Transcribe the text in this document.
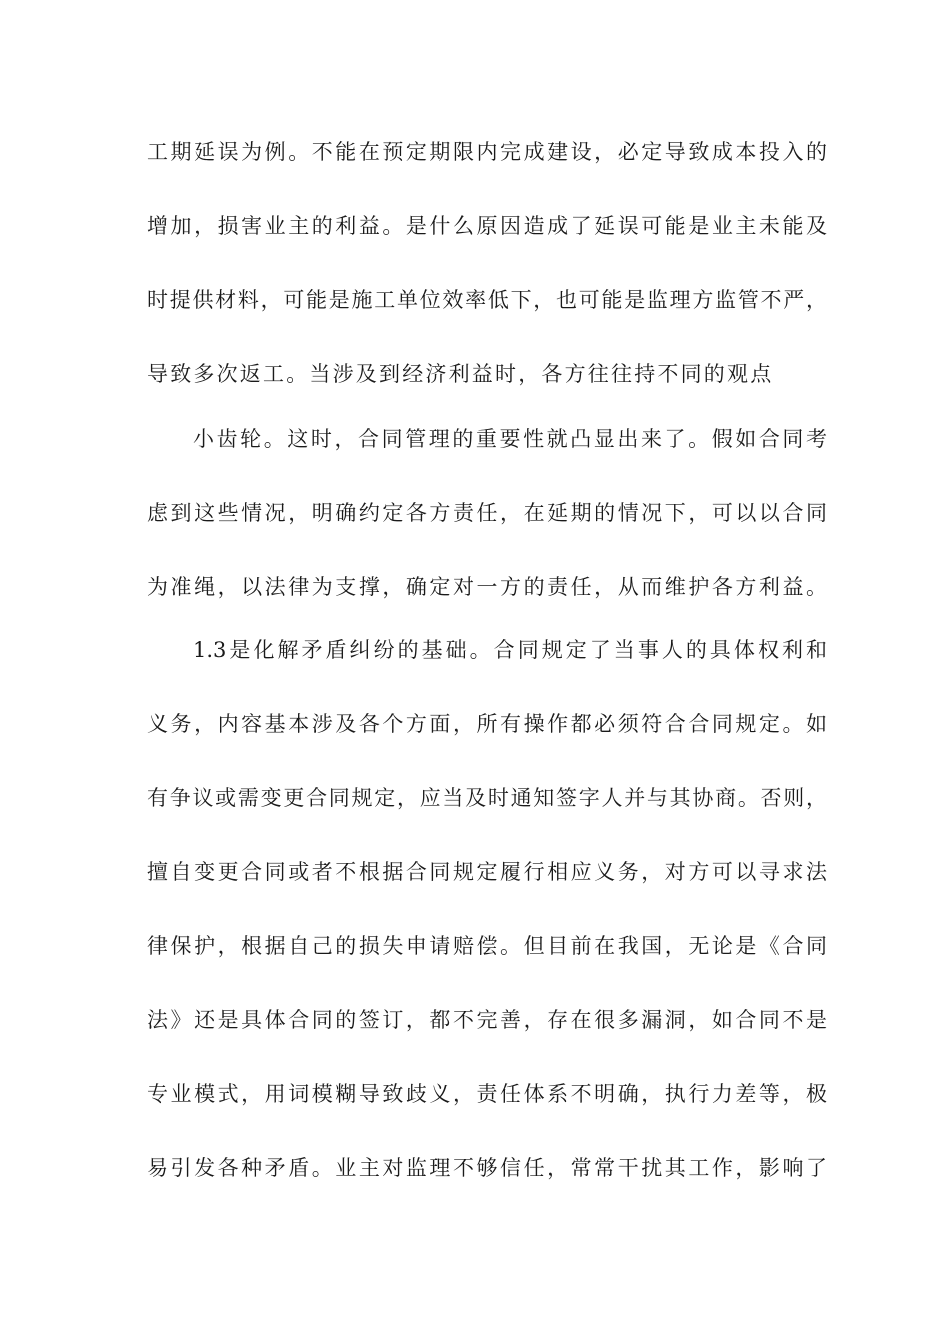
工期延误为例。不能在预定期限内完成建设，必定导致成本投入的
增加，损害业主的利益。是什么原因造成了延误可能是业主未能及
时提供材料，可能是施工单位效率低下，也可能是监理方监管不严，
导致多次返工。当涉及到经济利益时，各方往往持不同的观点
小齿轮。这时，合同管理的重要性就凸显出来了。假如合同考
虑到这些情况，明确约定各方责任，在延期的情况下，可以以合同
为准绳，以法律为支撑，确定对一方的责任，从而维护各方利益。
1.3是化解矛盾纠纷的基础。合同规定了当事人的具体权利和
义务，内容基本涉及各个方面，所有操作都必须符合合同规定。如
有争议或需变更合同规定，应当及时通知签字人并与其协商。否则，
擅自变更合同或者不根据合同规定履行相应义务，对方可以寻求法
律保护，根据自己的损失申请赔偿。但目前在我国，无论是《合同
法》还是具体合同的签订，都不完善，存在很多漏洞，如合同不是
专业模式，用词模糊导致歧义，责任体系不明确，执行力差等，极
易引发各种矛盾。业主对监理不够信任，常常干扰其工作，影响了
